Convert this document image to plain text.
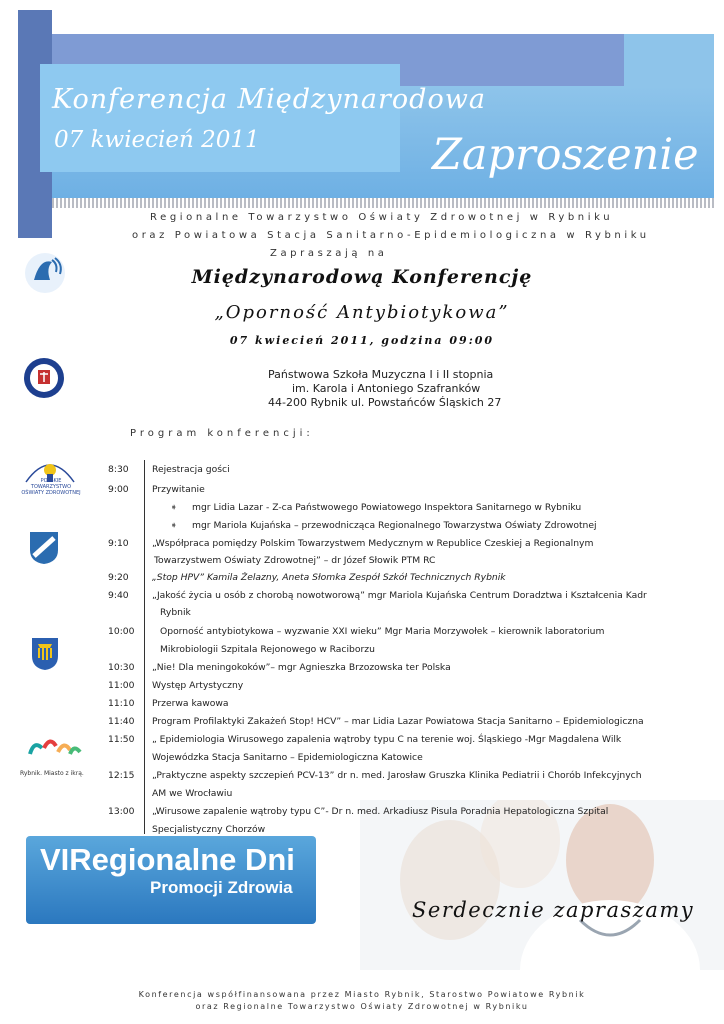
Konferencja Międzynarodowa
07 kwiecień 2011	Zaproszenie
Regionalne Towarzystwo Oświaty Zdrowotnej w Rybniku
oraz Powiatowa Stacja Sanitarno-Epidemiologiczna w Rybniku
Zapraszają na
Międzynarodową Konferencję
„Oporność Antybiotykowa”
07 kwiecień 2011, godzina 09:00
Państwowa Szkoła Muzyczna I i II stopnia
im. Karola i Antoniego Szafranków
44-200 Rybnik ul. Powstańców Śląskich 27
Program konferencji:
POLSKIE TOWARZYSTWO OŚWIATY ZDROWOTNEJ
Rybnik. Miasto z ikrą.
8:30	Rejestracja gości
9:00	Przywitanie
➧ mgr Lidia Lazar - Z-ca Państwowego Powiatowego Inspektora Sanitarnego w Rybniku
➧ mgr Mariola Kujańska – przewodnicząca Regionalnego Towarzystwa Oświaty Zdrowotnej
9:10	„Współpraca pomiędzy Polskim Towarzystwem Medycznym w Republice Czeskiej a Regionalnym
Towarzystwem Oświaty Zdrowotnej” – dr Józef Słowik PTM RC
9:20	„Stop HPV” Kamila Żelazny, Aneta Słomka Zespół Szkół Technicznych Rybnik
9:40	„Jakość życia u osób z chorobą nowotworową” mgr Mariola Kujańska Centrum Doradztwa i Kształcenia Kadr
Rybnik
10:00	Oporność antybiotykowa – wyzwanie XXI wieku” Mgr Maria Morzywołek – kierownik laboratorium
Mikrobiologii Szpitala Rejonowego w Raciborzu
10:30 „Nie! Dla meningokoków”– mgr Agnieszka Brzozowska ter Polska
11:00 Występ Artystyczny
11:10 Przerwa kawowa
11:40 Program Profilaktyki Zakażeń Stop! HCV” – mar Lidia Lazar Powiatowa Stacja Sanitarno – Epidemiologiczna
11:50 „ Epidemiologia Wirusowego zapalenia wątroby typu C na terenie woj. Śląskiego -Mgr Magdalena Wilk
Wojewódzka Stacja Sanitarno – Epidemiologiczna Katowice
12:15 „Praktyczne aspekty szczepień PCV-13” dr n. med. Jarosław Gruszka Klinika Pediatrii i Chorób Infekcyjnych
AM we Wrocławiu
13:00 „Wirusowe zapalenie wątroby typu C”- Dr n. med. Arkadiusz Pisula Poradnia Hepatologiczna Szpital
Specjalistyczny Chorzów
VIRegionalne Dni
Promocji Zdrowia
Serdecznie zapraszamy
Konferencja współfinansowana przez Miasto Rybnik, Starostwo Powiatowe Rybnik
oraz Regionalne Towarzystwo Oświaty Zdrowotnej w Rybniku
